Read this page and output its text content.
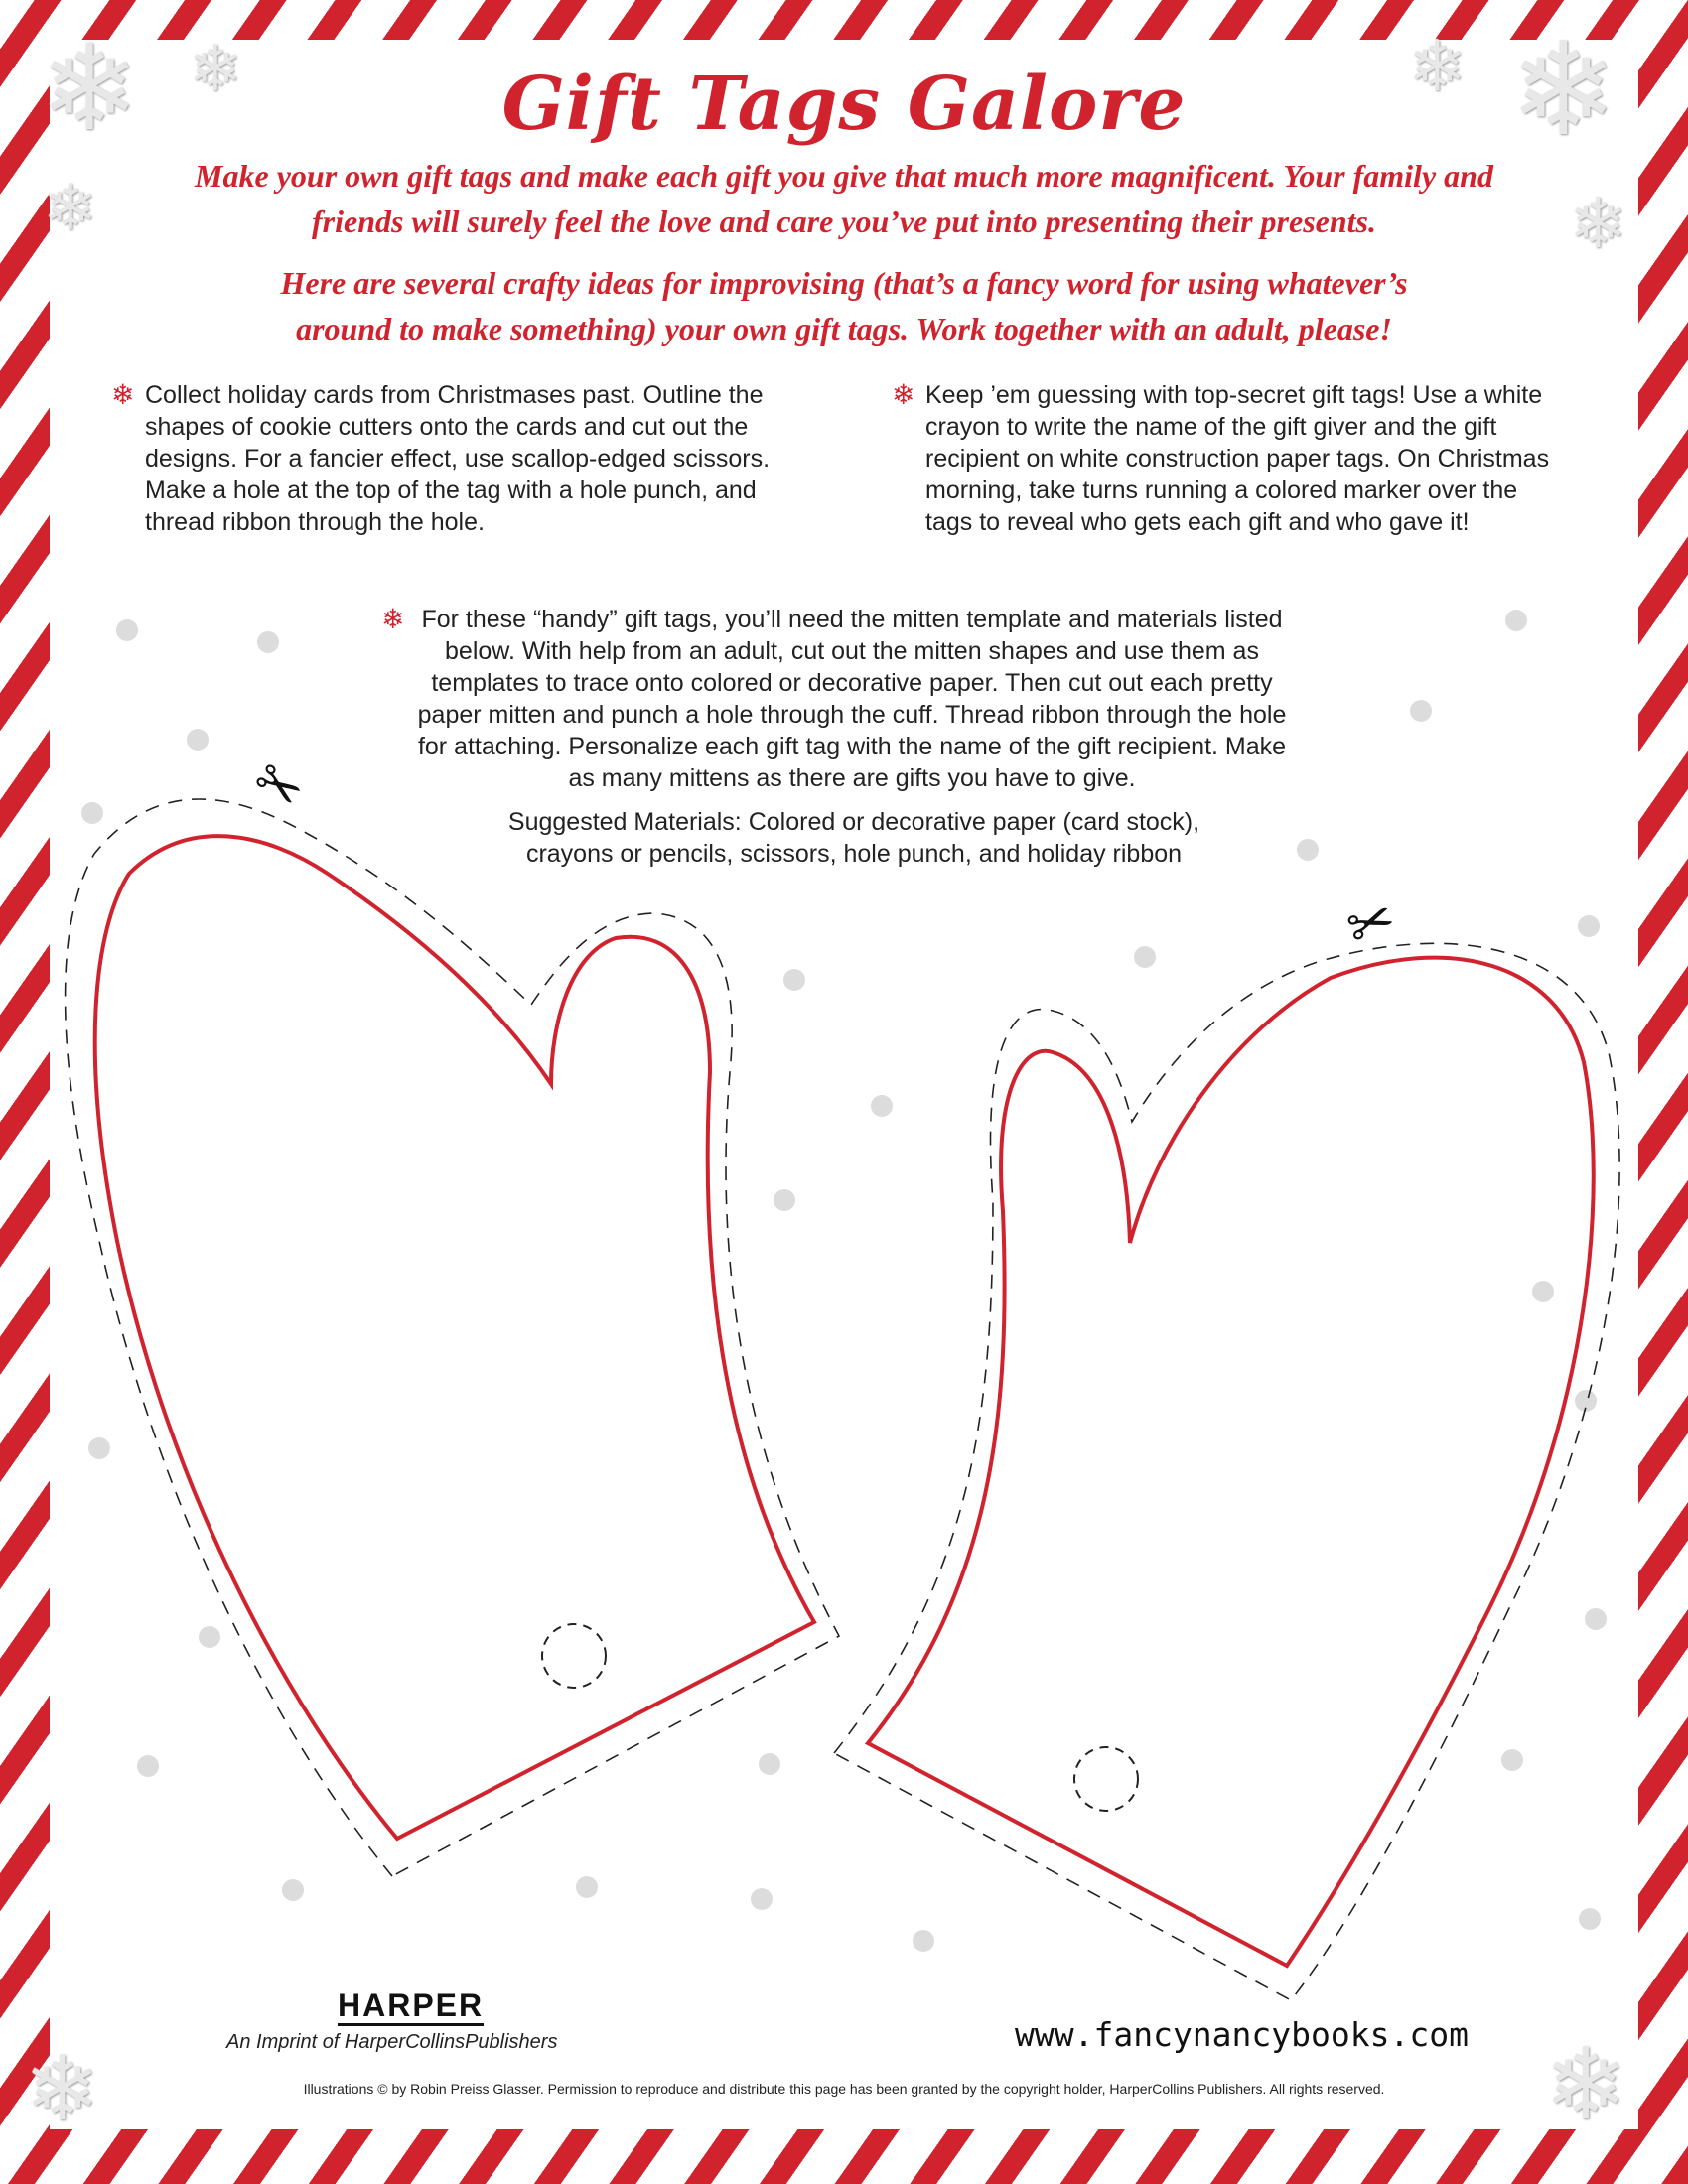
❄ ❄
❄
❄ ❄
❄
❄	❄
Gift Tags Galore

Make your own gift tags and make each gift you give that much more magnificent. Your family and friends will surely feel the love and care you’ve put into presenting their presents.

Here are several crafty ideas for improvising (that’s a fancy word for using whatever’s around to make something) your own gift tags. Work together with an adult, please!

❄ Collect holiday cards from Christmases past. Outline the shapes of cookie cutters onto the cards and cut out the designs. For a fancier effect, use scallop-edged scissors. Make a hole at the top of the tag with a hole punch, and thread ribbon through the hole.

❄ Keep ’em guessing with top-secret gift tags! Use a white crayon to write the name of the gift giver and the gift recipient on white construction paper tags. On Christmas morning, take turns running a colored marker over the tags to reveal who gets each gift and who gave it!

❄ For these “handy” gift tags, you’ll need the mitten template and materials listed below. With help from an adult, cut out the mitten shapes and use them as templates to trace onto colored or decorative paper. Then cut out each pretty paper mitten and punch a hole through the cuff. Thread ribbon through the hole for attaching. Personalize each gift tag with the name of the gift recipient. Make as many mittens as there are gifts you have to give.

Suggested Materials: Colored or decorative paper (card stock), crayons or pencils, scissors, hole punch, and holiday ribbon

✂
✂
HARPER
An Imprint of HarperCollinsPublishers	www.fancynancybooks.com
Illustrations © by Robin Preiss Glasser. Permission to reproduce and distribute this page has been granted by the copyright holder, HarperCollins Publishers. All rights reserved.
